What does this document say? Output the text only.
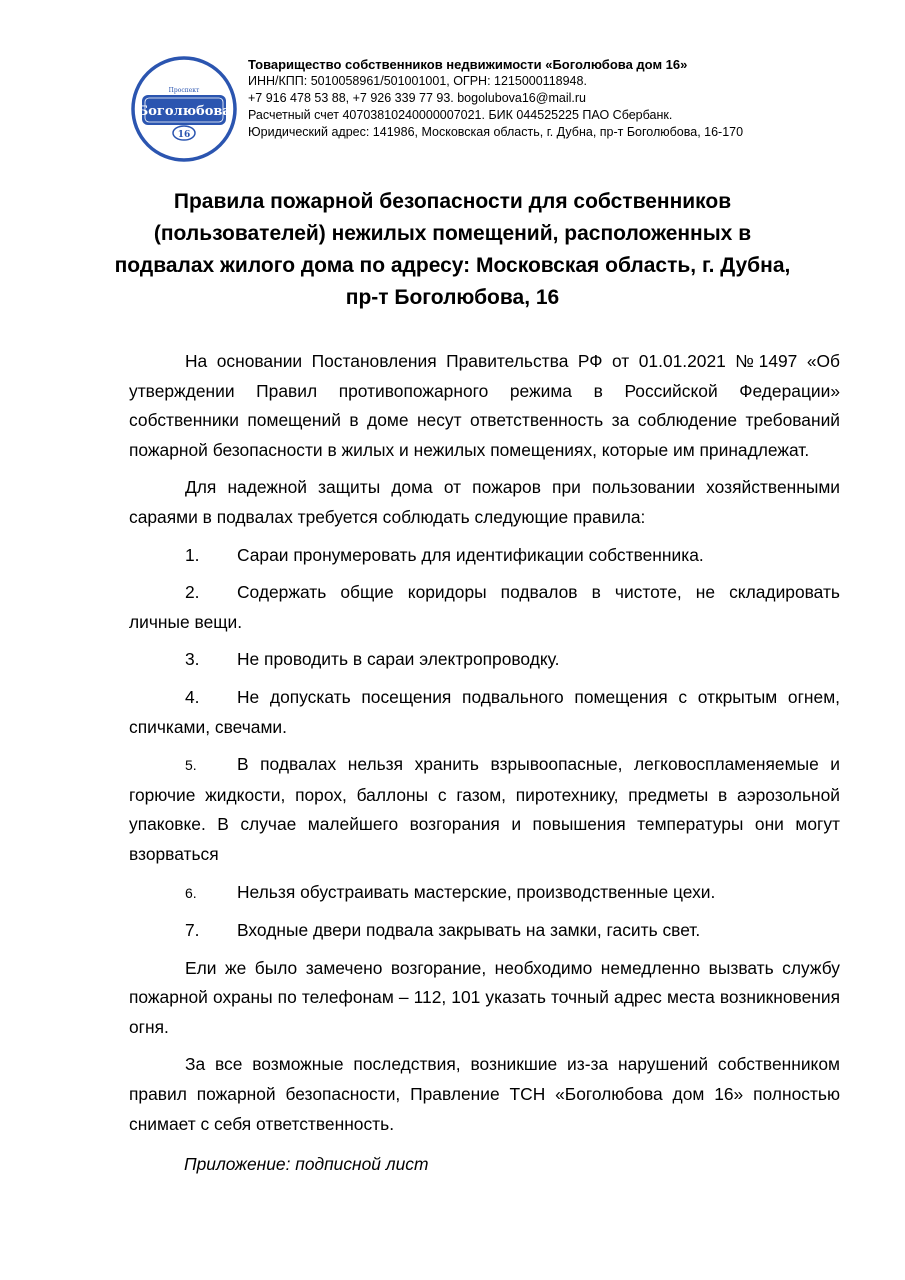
Проспект
Боголюбова
16
Товарищество собственников недвижимости «Боголюбова дом 16»
ИНН/КПП: 5010058961/501001001, ОГРН: 1215000118948.
+7 916 478 53 88, +7 926 339 77 93. bogolubova16@mail.ru
Расчетный счет 40703810240000007021. БИК 044525225 ПАО Сбербанк.
Юридический адрес: 141986, Московская область, г. Дубна, пр-т Боголюбова, 16-170
Правила пожарной безопасности для собственников
(пользователей) нежилых помещений, расположенных в
подвалах жилого дома по адресу: Московская область, г. Дубна,
пр-т Боголюбова, 16

На основании Постановления Правительства РФ от 01.01.2021 №1497 «Об утверждении Правил противопожарного режима в Российской Федерации» собственники помещений в доме несут ответственность за соблюдение требований пожарной безопасности в жилых и нежилых помещениях, которые им принадлежат.

Для надежной защиты дома от пожаров при пользовании хозяйственными сараями в подвалах требуется соблюдать следующие правила:

1. Сараи пронумеровать для идентификации собственника.

2. Содержать общие коридоры подвалов в чистоте, не складировать личные вещи.

3. Не проводить в сараи электропроводку.

4. Не допускать посещения подвального помещения с открытым огнем, спичками, свечами.

5. В подвалах нельзя хранить взрывоопасные, легковоспламеняемые и горючие жидкости, порох, баллоны с газом, пиротехнику, предметы в аэрозольной упаковке. В случае малейшего возгорания и повышения температуры они могут взорваться

6. Нельзя обустраивать мастерские, производственные цехи.

7. Входные двери подвала закрывать на замки, гасить свет.

Ели же было замечено возгорание, необходимо немедленно вызвать службу пожарной охраны по телефонам – 112, 101 указать точный адрес места возникновения огня.

За все возможные последствия, возникшие из-за нарушений собственником правил пожарной безопасности, Правление ТСН «Боголюбова дом 16» полностью снимает с себя ответственность.

Приложение: подписной лист
